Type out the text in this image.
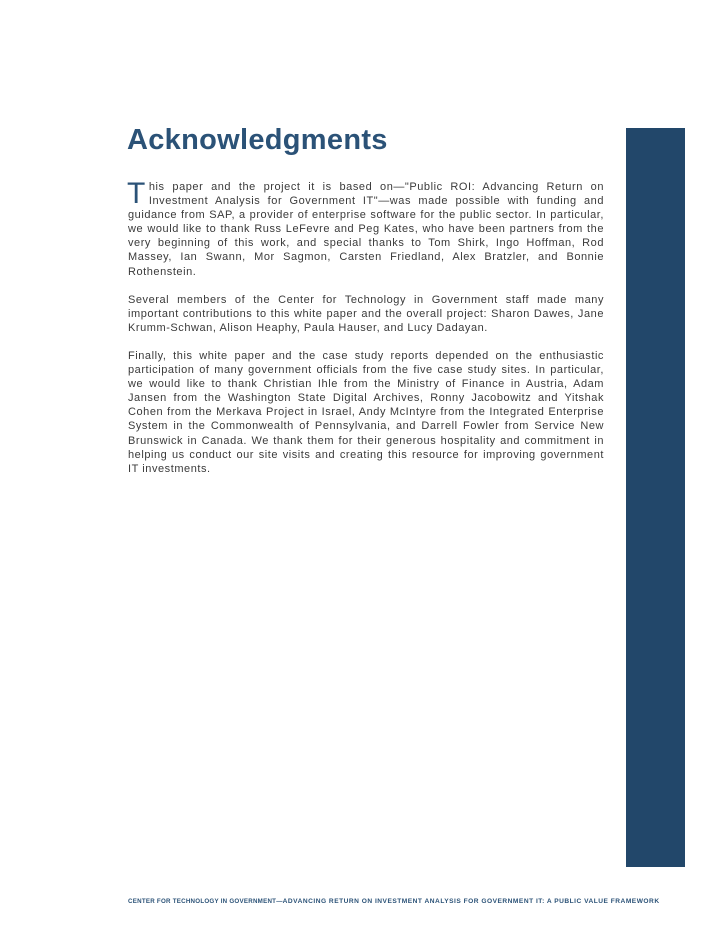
Acknowledgments

This paper and the project it is based on—"Public ROI: Advancing Return on Investment Analysis for Government IT"—was made possible with funding and guidance from SAP, a provider of enterprise software for the public sector. In particular, we would like to thank Russ LeFevre and Peg Kates, who have been partners from the very beginning of this work, and special thanks to Tom Shirk, Ingo Hoffman, Rod Massey, Ian Swann, Mor Sagmon, Carsten Friedland, Alex Bratzler, and Bonnie Rothenstein.

Several members of the Center for Technology in Government staff made many important contributions to this white paper and the overall project: Sharon Dawes, Jane Krumm-Schwan, Alison Heaphy, Paula Hauser, and Lucy Dadayan.

Finally, this white paper and the case study reports depended on the enthusiastic participation of many government officials from the five case study sites. In particular, we would like to thank Christian Ihle from the Ministry of Finance in Austria, Adam Jansen from the Washington State Digital Archives, Ronny Jacobowitz and Yitshak Cohen from the Merkava Project in Israel, Andy McIntyre from the Integrated Enterprise System in the Commonwealth of Pennsylvania, and Darrell Fowler from Service New Brunswick in Canada. We thank them for their generous hospitality and commitment in helping us conduct our site visits and creating this resource for improving government IT investments.

CENTER FOR TECHNOLOGY IN GOVERNMENT—ADVANCING RETURN ON INVESTMENT ANALYSIS FOR GOVERNMENT IT: A PUBLIC VALUE FRAMEWORK
